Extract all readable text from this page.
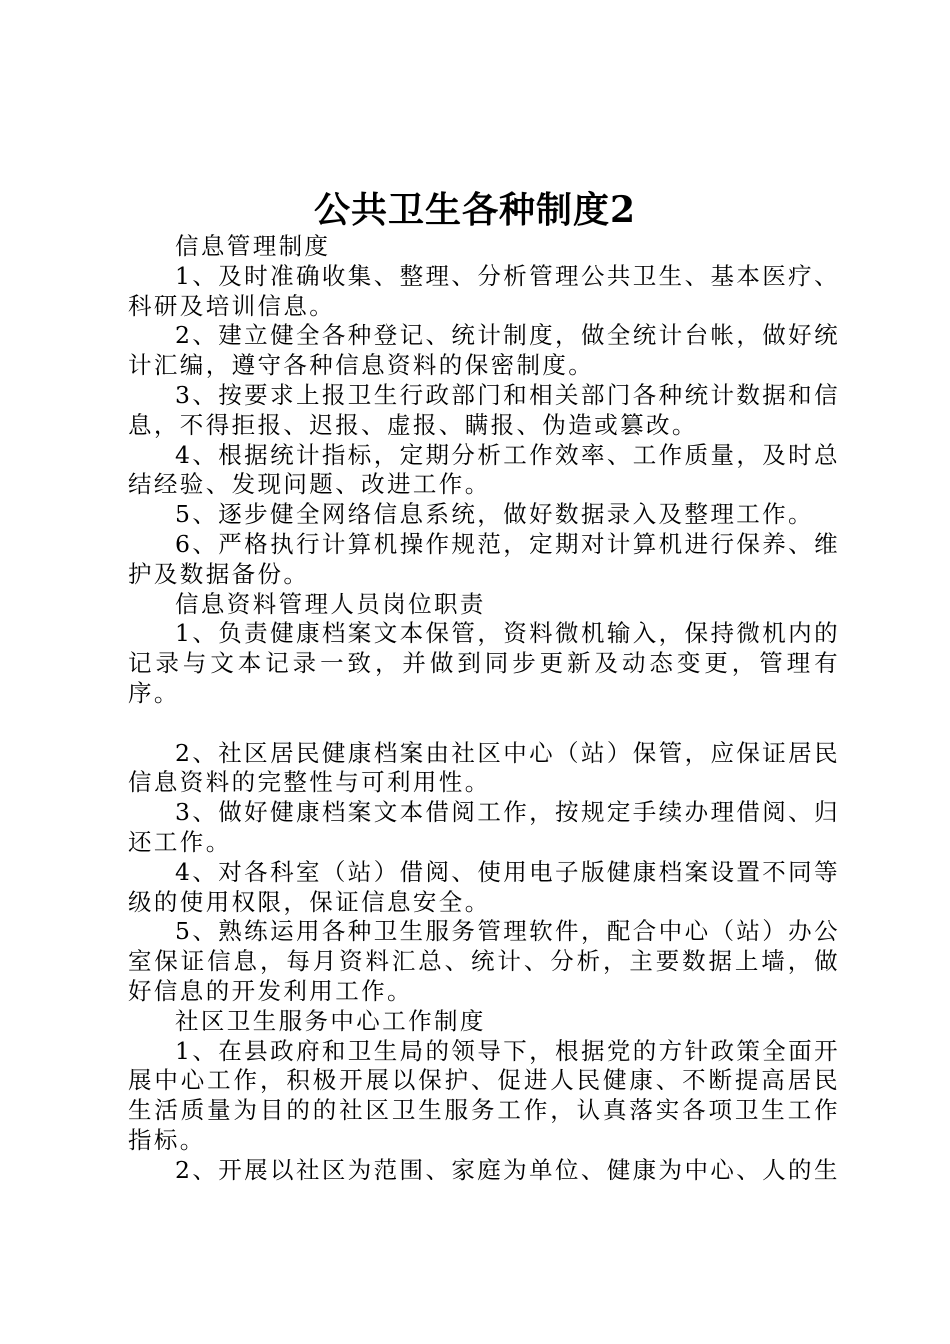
公共卫生各种制度2

信息管理制度

1、及时准确收集、整理、分析管理公共卫生、基本医疗、科研及培训信息。

2、建立健全各种登记、统计制度，做全统计台帐，做好统计汇编，遵守各种信息资料的保密制度。

3、按要求上报卫生行政部门和相关部门各种统计数据和信息，不得拒报、迟报、虚报、瞒报、伪造或篡改。

4、根据统计指标，定期分析工作效率、工作质量，及时总结经验、发现问题、改进工作。

5、逐步健全网络信息系统，做好数据录入及整理工作。

6、严格执行计算机操作规范，定期对计算机进行保养、维护及数据备份。

信息资料管理人员岗位职责

1、负责健康档案文本保管，资料微机输入，保持微机内的记录与文本记录一致，并做到同步更新及动态变更，管理有序。

2、社区居民健康档案由社区中心（站）保管，应保证居民信息资料的完整性与可利用性。

3、做好健康档案文本借阅工作，按规定手续办理借阅、归还工作。

4、对各科室（站）借阅、使用电子版健康档案设置不同等级的使用权限，保证信息安全。

5、熟练运用各种卫生服务管理软件，配合中心（站）办公室保证信息，每月资料汇总、统计、分析，主要数据上墙，做好信息的开发利用工作。

社区卫生服务中心工作制度

1、在县政府和卫生局的领导下，根据党的方针政策全面开展中心工作，积极开展以保护、促进人民健康、不断提高居民生活质量为目的的社区卫生服务工作，认真落实各项卫生工作指标。

2、开展以社区为范围、家庭为单位、健康为中心、人的生
